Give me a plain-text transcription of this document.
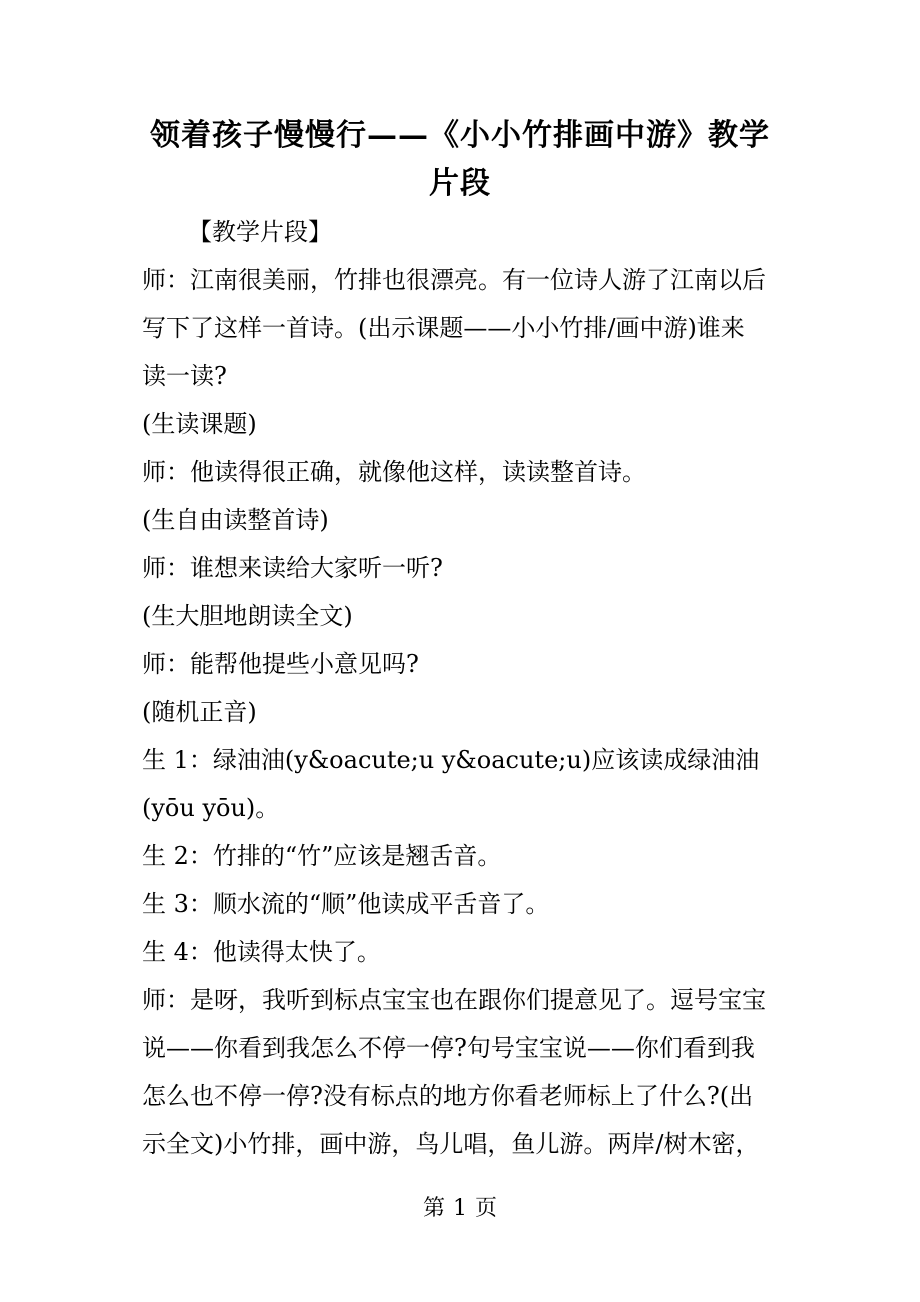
领着孩子慢慢行——《小小竹排画中游》教学
片段
【教学片段】
师：江南很美丽，竹排也很漂亮。有一位诗人游了江南以后
写下了这样一首诗。(出示课题——小小竹排/画中游)谁来
读一读?
(生读课题)
师：他读得很正确，就像他这样，读读整首诗。
(生自由读整首诗)
师：谁想来读给大家听一听?
(生大胆地朗读全文)
师：能帮他提些小意见吗?
(随机正音)
生 1：绿油油(y&oacute;u y&oacute;u)应该读成绿油油
(yōu yōu)。
生 2：竹排的“竹”应该是翘舌音。
生 3：顺水流的“顺”他读成平舌音了。
生 4：他读得太快了。
师：是呀，我听到标点宝宝也在跟你们提意见了。逗号宝宝
说——你看到我怎么不停一停?句号宝宝说——你们看到我
怎么也不停一停?没有标点的地方你看老师标上了什么?(出
示全文)小竹排，画中游，鸟儿唱，鱼儿游。两岸/树木密，
第 1 页
